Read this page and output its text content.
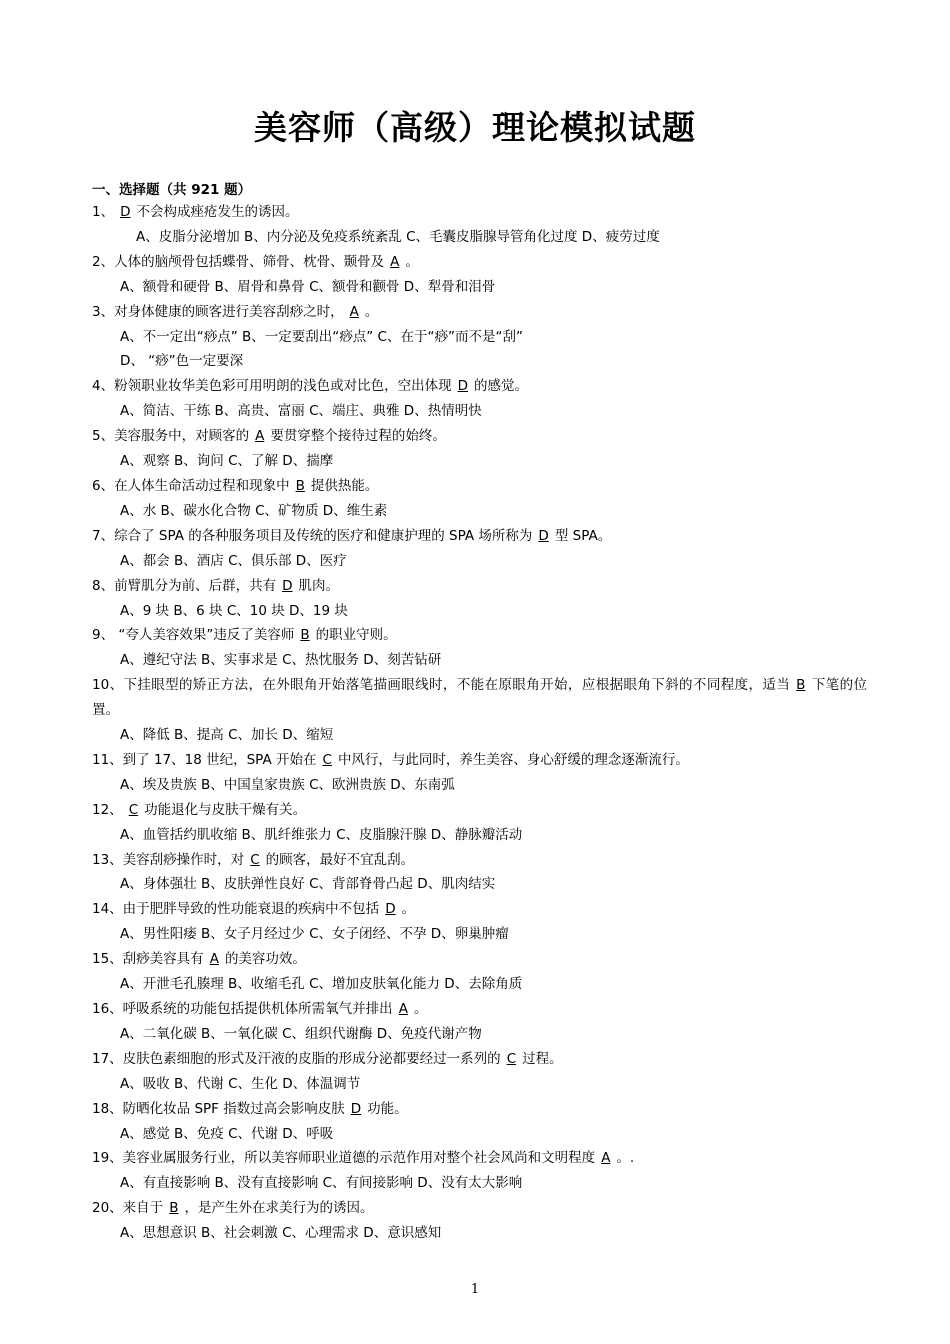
美容师（高级）理论模拟试题
一、选择题（共 921 题）
1、 D 不会构成痤疮发生的诱因。
A、皮脂分泌增加 B、内分泌及免疫系统紊乱 C、毛囊皮脂腺导管角化过度 D、疲劳过度
2、人体的脑颅骨包括蝶骨、筛骨、枕骨、颞骨及 A 。
A、额骨和硬骨 B、眉骨和鼻骨 C、额骨和颧骨 D、犁骨和泪骨
3、对身体健康的顾客进行美容刮痧之时， A 。
A、不一定出“痧点” B、一定要刮出“痧点” C、在于“痧”而不是“刮”
D、 “痧”色一定要深
4、粉领职业妆华美色彩可用明朗的浅色或对比色，空出体现 D 的感觉。
A、简洁、干练 B、高贵、富丽 C、端庄、典雅 D、热情明快
5、美容服务中，对顾客的 A 要贯穿整个接待过程的始终。
A、观察 B、询问 C、了解 D、揣摩
6、在人体生命活动过程和现象中 B 提供热能。
A、水 B、碳水化合物 C、矿物质 D、维生素
7、综合了 SPA 的各种服务项目及传统的医疗和健康护理的 SPA 场所称为 D 型 SPA。
A、都会 B、酒店 C、俱乐部 D、医疗
8、前臂肌分为前、后群，共有 D 肌肉。
A、9 块 B、6 块 C、10 块 D、19 块
9、 “夸人美容效果”违反了美容师 B 的职业守则。
A、遵纪守法 B、实事求是 C、热忱服务 D、刻苦钻研
10、下挂眼型的矫正方法，在外眼角开始落笔描画眼线时，不能在原眼角开始，应根据眼角下斜的不同程度，适当 B 下笔的位置。
A、降低 B、提高 C、加长 D、缩短
11、到了 17、18 世纪，SPA 开始在 C 中风行，与此同时，养生美容、身心舒缓的理念逐渐流行。
A、埃及贵族 B、中国皇家贵族 C、欧洲贵族 D、东南弧
12、 C 功能退化与皮肤干燥有关。
A、血管括约肌收缩 B、肌纤维张力 C、皮脂腺汗腺 D、静脉瓣活动
13、美容刮痧操作时，对 C 的顾客，最好不宜乱刮。
A、身体强壮 B、皮肤弹性良好 C、背部脊骨凸起 D、肌肉结实
14、由于肥胖导致的性功能衰退的疾病中不包括 D 。
A、男性阳痿 B、女子月经过少 C、女子闭经、不孕 D、卵巢肿瘤
15、刮痧美容具有 A 的美容功效。
A、开泄毛孔腠理 B、收缩毛孔 C、增加皮肤氧化能力 D、去除角质
16、呼吸系统的功能包括提供机体所需氧气并排出 A 。
A、二氧化碳 B、一氧化碳 C、组织代谢酶 D、免疫代谢产物
17、皮肤色素细胞的形式及汗液的皮脂的形成分泌都要经过一系列的 C 过程。
A、吸收 B、代谢 C、生化 D、体温调节
18、防晒化妆品 SPF 指数过高会影响皮肤 D 功能。
A、感觉 B、免疫 C、代谢 D、呼吸
19、美容业属服务行业，所以美容师职业道德的示范作用对整个社会风尚和文明程度 A 。.
A、有直接影响 B、没有直接影响 C、有间接影响 D、没有太大影响
20、来自于 B ，是产生外在求美行为的诱因。
A、思想意识 B、社会刺激 C、心理需求 D、意识感知
1
